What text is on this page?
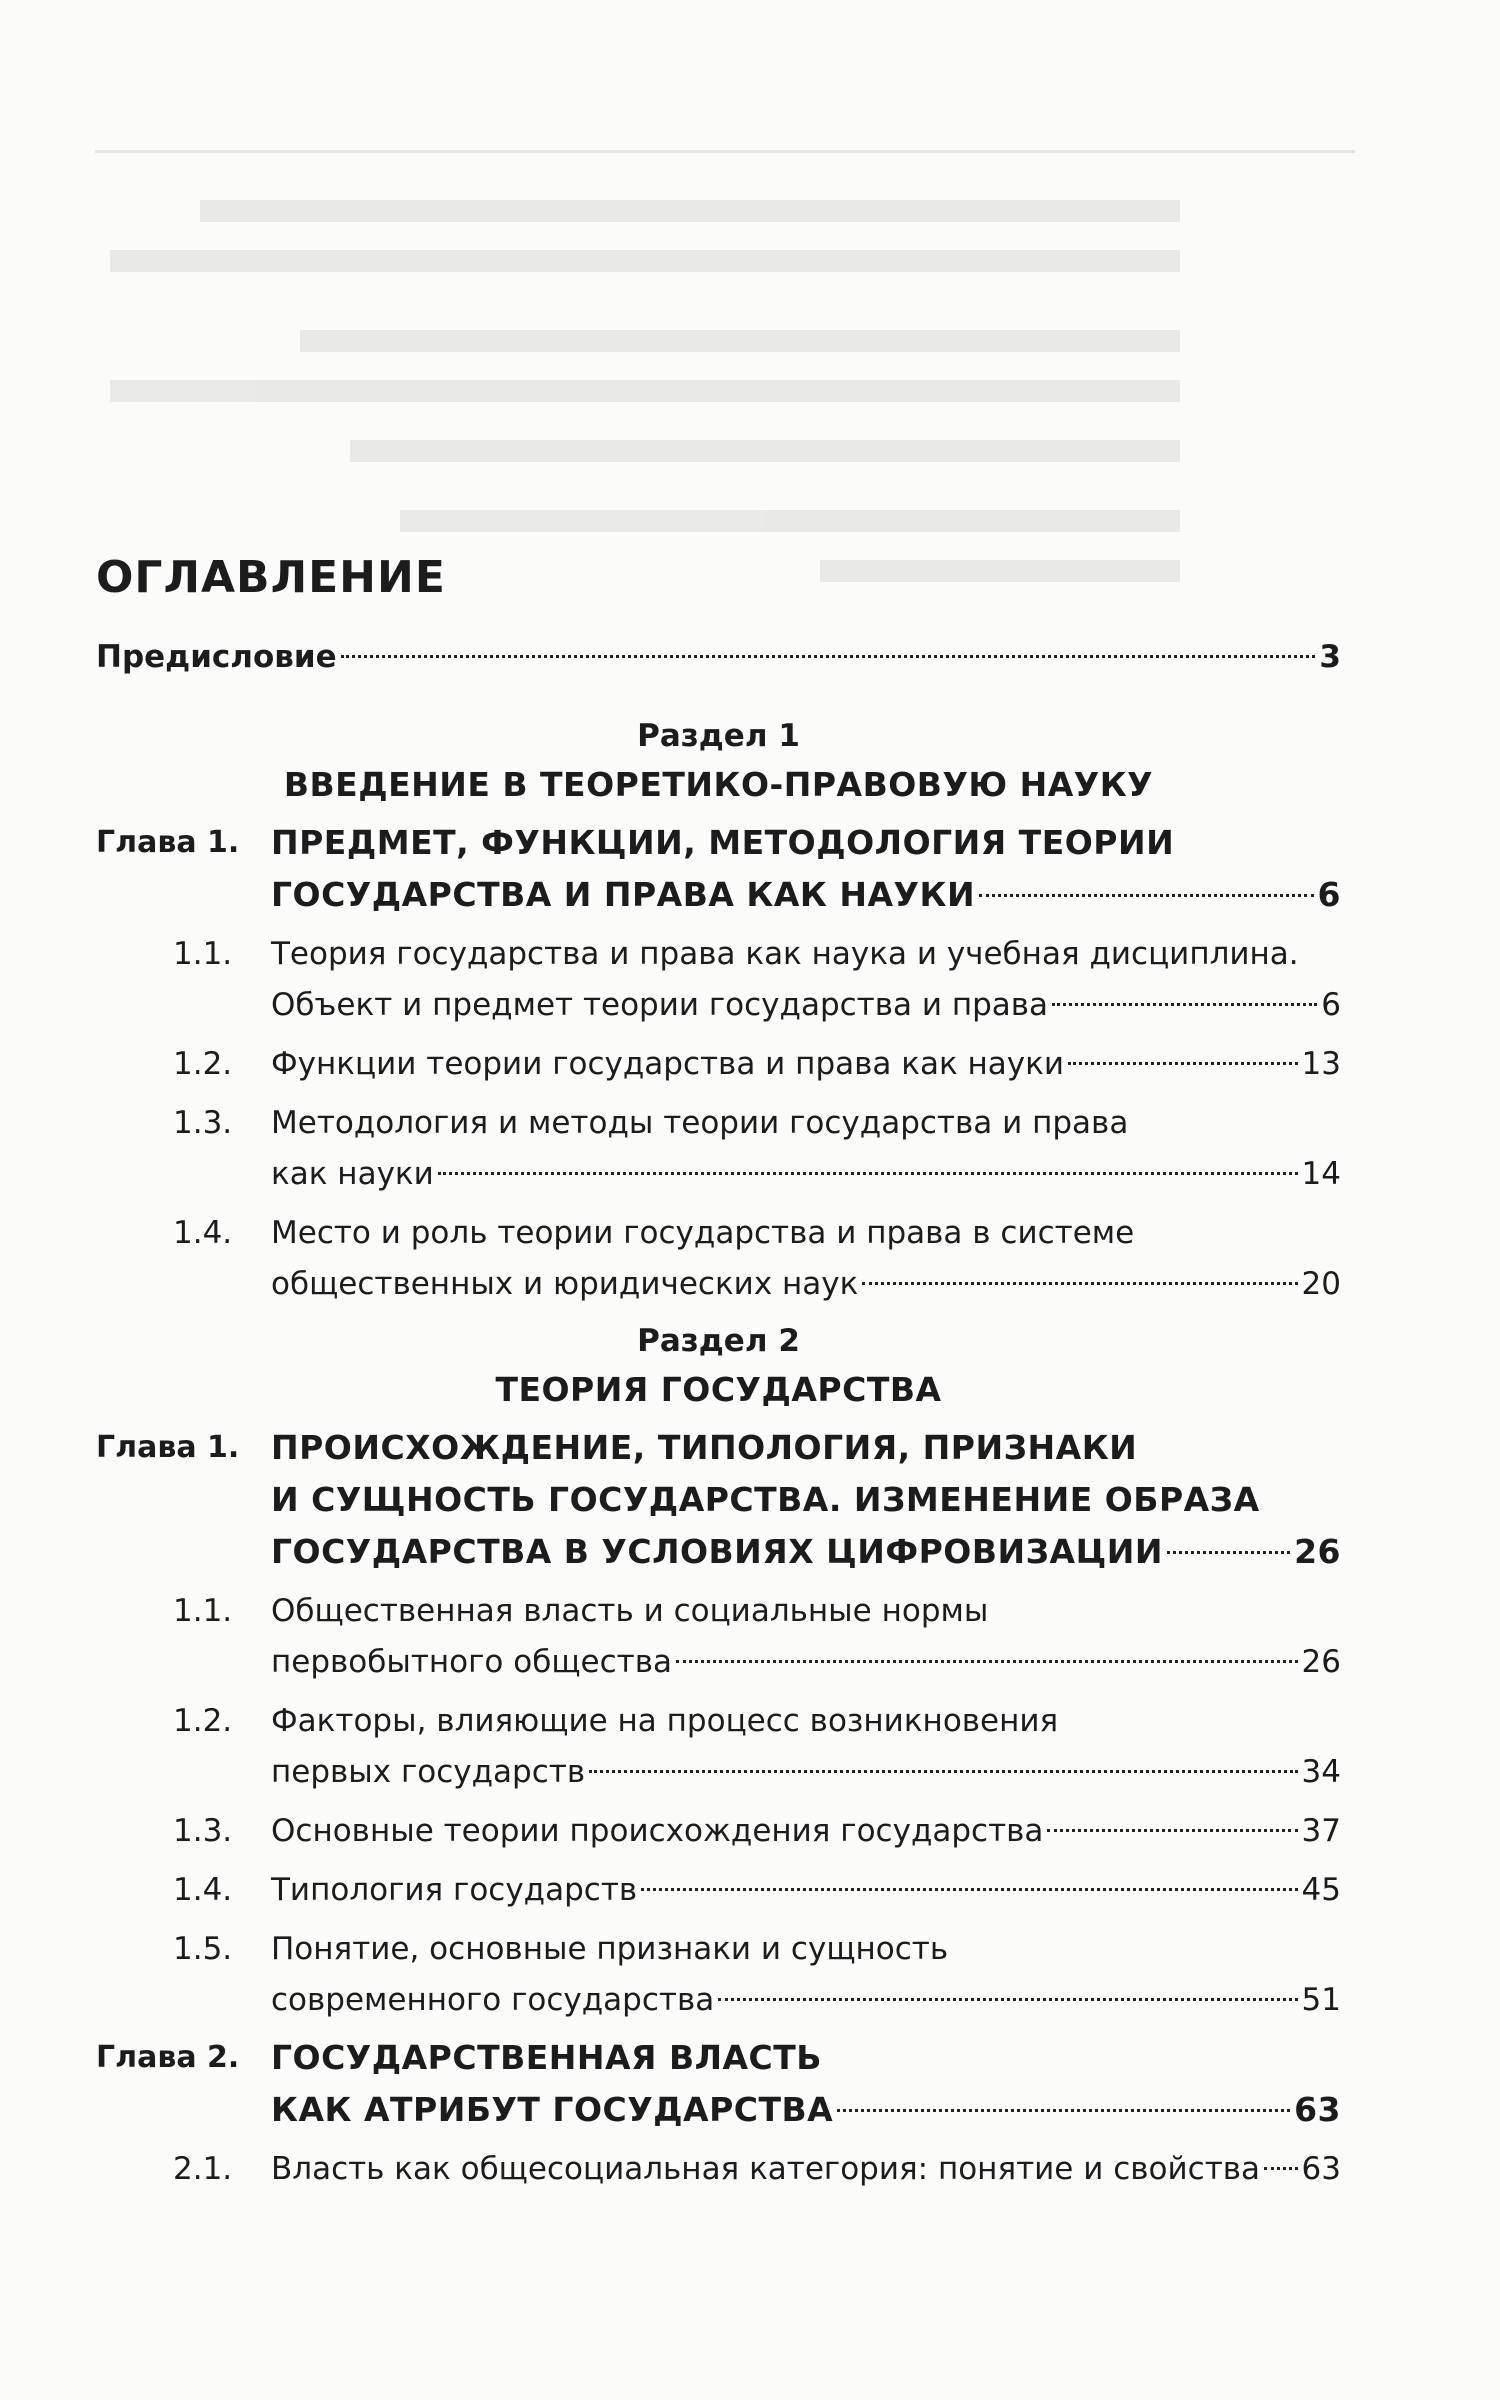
ОГЛАВЛЕНИЕ
Предисловие	3
Раздел 1
ВВЕДЕНИЕ В ТЕОРЕТИКО-ПРАВОВУЮ НАУКУ
Глава 1. ПРЕДМЕТ, ФУНКЦИИ, МЕТОДОЛОГИЯ ТЕОРИИ
ГОСУДАРСТВА И ПРАВА КАК НАУКИ	6
1.1.	Теория государства и права как наука и учебная дисциплина.
Объект и предмет теории государства и права	6
1.2.	Функции теории государства и права как науки	13
1.3.	Методология и методы теории государства и права
как науки	14
1.4.	Место и роль теории государства и права в системе
общественных и юридических наук	20
Раздел 2
ТЕОРИЯ ГОСУДАРСТВА
Глава 1. ПРОИСХОЖДЕНИЕ, ТИПОЛОГИЯ, ПРИЗНАКИ
И СУЩНОСТЬ ГОСУДАРСТВА. ИЗМЕНЕНИЕ ОБРАЗА
ГОСУДАРСТВА В УСЛОВИЯХ ЦИФРОВИЗАЦИИ	26
1.1.	Общественная власть и социальные нормы
первобытного общества	26
1.2.	Факторы, влияющие на процесс возникновения
первых государств	34
1.3.	Основные теории происхождения государства	37
1.4.	Типология государств	45
1.5.	Понятие, основные признаки и сущность
современного государства	51
Глава 2. ГОСУДАРСТВЕННАЯ ВЛАСТЬ
КАК АТРИБУТ ГОСУДАРСТВА	63
2.1.	Власть как общесоциальная категория: понятие и свойства 63
